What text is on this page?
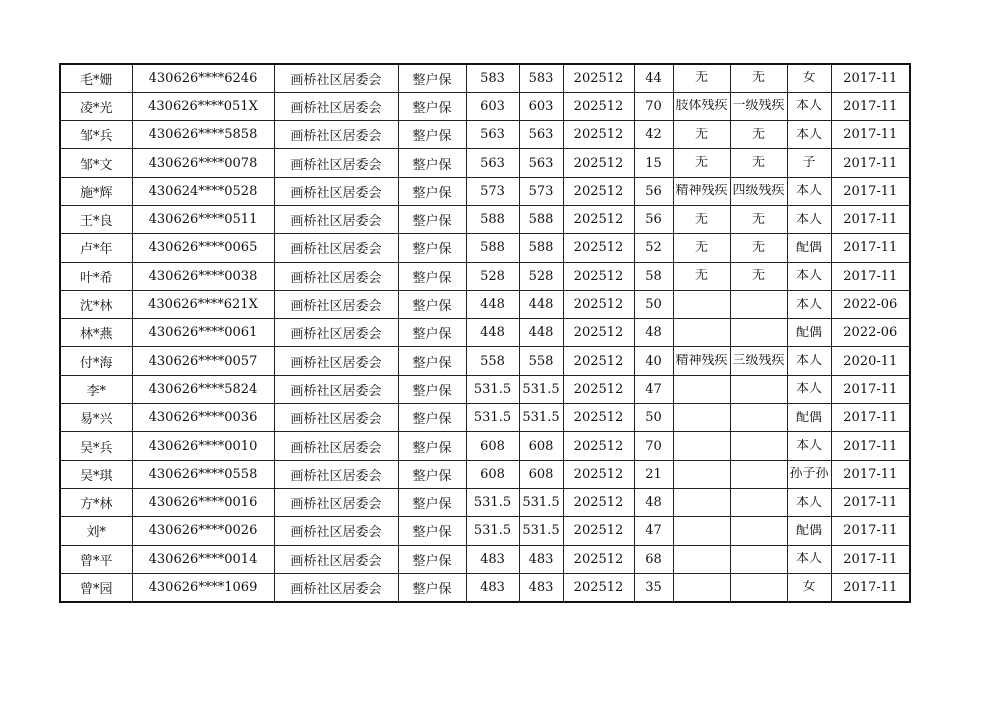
毛*姗	430626****6246	画桥社区居委会	整户保	583	583	202512	44	无	无	女	2017-11
凌*光	430626****051X	画桥社区居委会	整户保	603	603	202512	70	肢体残疾	一级残疾	本人	2017-11
邹*兵	430626****5858	画桥社区居委会	整户保	563	563	202512	42	无	无	本人	2017-11
邹*文	430626****0078	画桥社区居委会	整户保	563	563	202512	15	无	无	子	2017-11
施*辉	430624****0528	画桥社区居委会	整户保	573	573	202512	56	精神残疾	四级残疾	本人	2017-11
王*良	430626****0511	画桥社区居委会	整户保	588	588	202512	56	无	无	本人	2017-11
卢*年	430626****0065	画桥社区居委会	整户保	588	588	202512	52	无	无	配偶	2017-11
叶*希	430626****0038	画桥社区居委会	整户保	528	528	202512	58	无	无	本人	2017-11
沈*林	430626****621X	画桥社区居委会	整户保	448	448	202512	50			本人	2022-06
林*燕	430626****0061	画桥社区居委会	整户保	448	448	202512	48			配偶	2022-06
付*海	430626****0057	画桥社区居委会	整户保	558	558	202512	40	精神残疾	三级残疾	本人	2020-11
李*	430626****5824	画桥社区居委会	整户保	531.5	531.5	202512	47			本人	2017-11
易*兴	430626****0036	画桥社区居委会	整户保	531.5	531.5	202512	50			配偶	2017-11
吴*兵	430626****0010	画桥社区居委会	整户保	608	608	202512	70			本人	2017-11
吴*琪	430626****0558	画桥社区居委会	整户保	608	608	202512	21			孙子孙	2017-11
方*林	430626****0016	画桥社区居委会	整户保	531.5	531.5	202512	48			本人	2017-11
刘*	430626****0026	画桥社区居委会	整户保	531.5	531.5	202512	47			配偶	2017-11
曾*平	430626****0014	画桥社区居委会	整户保	483	483	202512	68			本人	2017-11
曾*园	430626****1069	画桥社区居委会	整户保	483	483	202512	35			女	2017-11
